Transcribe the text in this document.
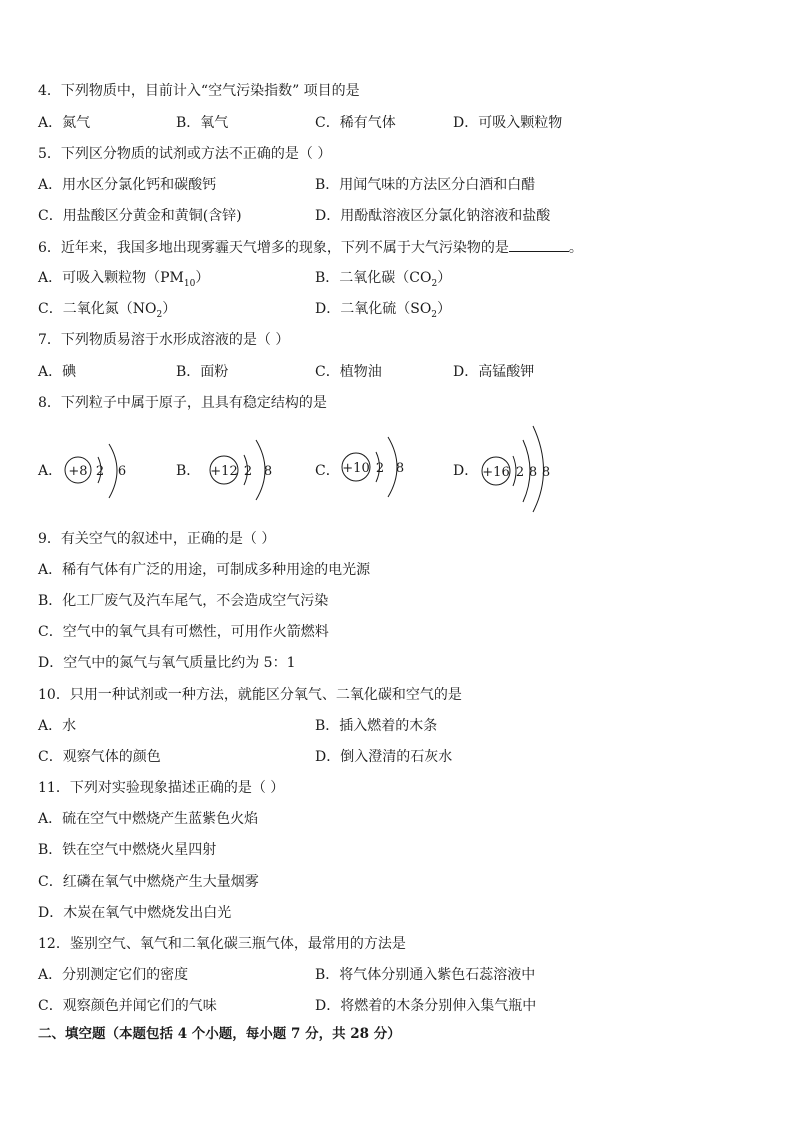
4．下列物质中，目前计入“空气污染指数” 项目的是
A．氮气	B．氧气	C．稀有气体	D．可吸入颗粒物
5．下列区分物质的试剂或方法不正确的是（ ）
A．用水区分氯化钙和碳酸钙	B．用闻气味的方法区分白酒和白醋
C．用盐酸区分黄金和黄铜(含锌)	D．用酚酞溶液区分氯化钠溶液和盐酸
6．近年来，我国多地出现雾霾天气增多的现象，下列不属于大气污染物的是	。
A．可吸入颗粒物$(PM_{10})$	B．二氧化碳$(CO_2)$
C．二氧化氮$(NO_2)$	D．二氧化硫$(SO_2)$
7．下列物质易溶于水形成溶液的是（ ）
A．碘	B．面粉	C．植物油	D．高锰酸钾
8．下列粒子中属于原子，且具有稳定结构的是
A． +8 2 6	B． +12 2 8	C． +10 2 8	D． +16 2 8 8
9．有关空气的叙述中，正确的是（ ）
A．稀有气体有广泛的用途，可制成多种用途的电光源
B．化工厂废气及汽车尾气，不会造成空气污染
C．空气中的氧气具有可燃性，可用作火箭燃料
D．空气中的氮气与氧气质量比约为 5：1
10．只用一种试剂或一种方法，就能区分氧气、二氧化碳和空气的是
A．水	B．插入燃着的木条
C．观察气体的颜色	D．倒入澄清的石灰水
11．下列对实验现象描述正确的是（ ）
A．硫在空气中燃烧产生蓝紫色火焰
B．铁在空气中燃烧火星四射
C．红磷在氧气中燃烧产生大量烟雾
D．木炭在氧气中燃烧发出白光
12．鉴别空气、氧气和二氧化碳三瓶气体，最常用的方法是
A．分别测定它们的密度	B．将气体分别通入紫色石蕊溶液中
C．观察颜色并闻它们的气味	D．将燃着的木条分别伸入集气瓶中
二、填空题（本题包括 4 个小题，每小题 7 分，共 28 分）
